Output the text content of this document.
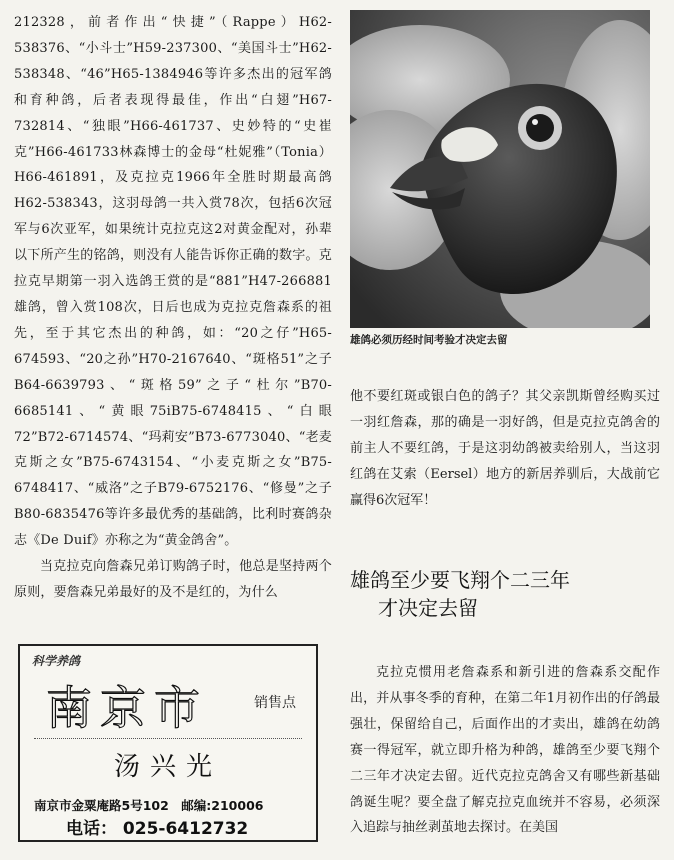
212328，前者作出“快捷”（Rappe）H62-538376、“小斗士”H59-237300、“美国斗士”H62-538348、“46”H65-1384946等许多杰出的冠军鸽和育种鸽，后者表现得最佳，作出“白翅”H67-732814、“独眼”H66-461737、史妙特的“史崔克”H66-461733林森博士的金母“杜妮雅”（Tonia）H66-461891，及克拉克1966年全胜时期最高鸽H62-538343，这羽母鸽一共入赏78次，包括6次冠军与6次亚军，如果统计克拉克这2对黄金配对，孙辈以下所产生的铭鸽，则没有人能告诉你正确的数字。克拉克早期第一羽入选鸽王赏的是“881”H47-266881雄鸽，曾入赏108次，日后也成为克拉克詹森系的祖先，至于其它杰出的种鸽，如：“20之仔”H65-674593、“20之孙”H70-2167640、“斑格51”之子B64-6639793、“斑格59”之子“杜尔”B70-6685141、“黄眼75iB75-6748415、“白眼72”B72-6714574、“玛莉安”B73-6773040、“老麦克斯之女”B75-6743154、“小麦克斯之女”B75-6748417、“威洛”之子B79-6752176、“修曼”之子B80-6835476等许多最优秀的基础鸽，比利时赛鸽杂志《De Duif》亦称之为“黄金鸽舍”。

当克拉克向詹森兄弟订购鸽子时，他总是坚持两个原则，要詹森兄弟最好的及不是红的，为什么

雄鸽必须历经时间考验才决定去留

他不要红斑或银白色的鸽子？其父亲凯斯曾经购买过一羽红詹森，那的确是一羽好鸽，但是克拉克鸽舍的前主人不要红鸽，于是这羽幼鸽被卖给别人，当这羽红鸽在艾索（Eersel）地方的新居养驯后，大战前它赢得6次冠军！

雄鸽至少要飞翔个二三年
才决定去留

克拉克惯用老詹森系和新引进的詹森系交配作出，并从事冬季的育种，在第二年1月初作出的仔鸽最强壮，保留给自己，后面作出的才卖出，雄鸽在幼鸽赛一得冠军，就立即升格为种鸽，雄鸽至少要飞翔个二三年才决定去留。近代克拉克鸽舍又有哪些新基础鸽诞生呢？要全盘了解克拉克血统并不容易，必须深入追踪与抽丝剥茧地去探讨。在美国

科学养鸽
南京市	销售点
汤兴光
南京市金粟庵路5号102　邮编:210006
电话： 025-6412732
